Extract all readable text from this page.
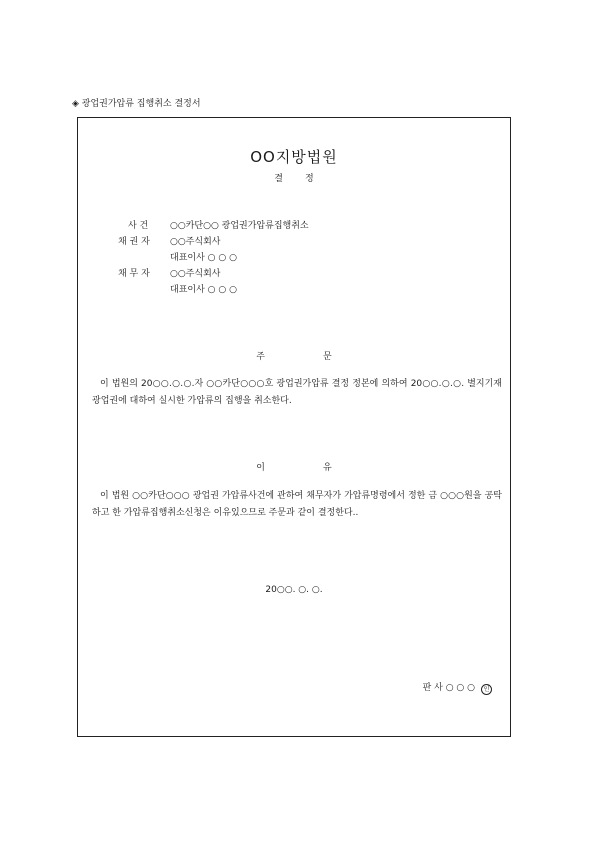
◈ 광업권가압류 집행취소 결정서
OO지방법원
결 정
사 건	○○카단○○ 광업권가압류집행취소
채 권 자	○○주식회사
대표이사 ○ ○ ○
채 무 자	○○주식회사
대표이사 ○ ○ ○
주	문
이 법원의 20○○.○.○.자 ○○카단○○○호 광업권가압류 결정 정본에 의하여 20○○.○.○. 별지기재 광업권에 대하여 실시한 가압류의 집행을 취소한다.
이	유
이 법원 ○○카단○○○ 광업권 가압류사건에 관하여 채무자가 가압류명령에서 정한 금 ○○○원을 공탁하고 한 가압류집행취소신청은 이유있으므로 주문과 같이 결정한다..
20○○. ○. ○.
판 사 ○ ○ ○ 인
